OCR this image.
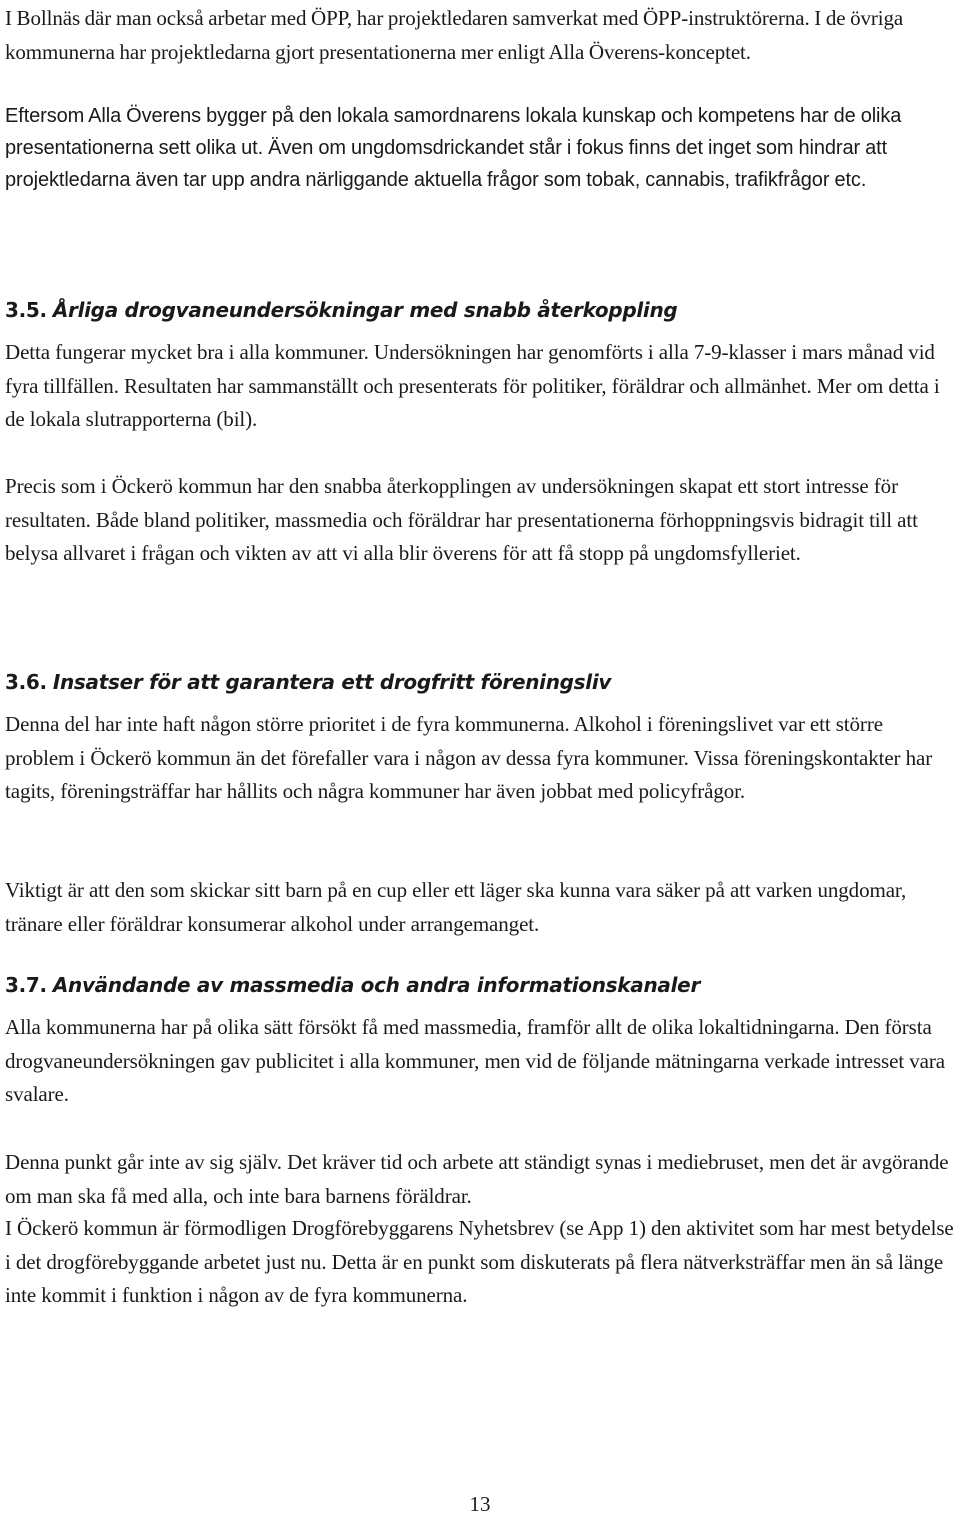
I Bollnäs där man också arbetar med ÖPP, har projektledaren samverkat med ÖPP-instruktörerna. I de övriga kommunerna har projektledarna gjort presentationerna mer enligt Alla Överens-konceptet.

Eftersom Alla Överens bygger på den lokala samordnarens lokala kunskap och kompetens har de olika presentationerna sett olika ut. Även om ungdomsdrickandet står i fokus finns det inget som hindrar att projektledarna även tar upp andra närliggande aktuella frågor som tobak, cannabis, trafikfrågor etc.

3.5. Årliga drogvaneundersökningar med snabb återkoppling

Detta fungerar mycket bra i alla kommuner. Undersökningen har genomförts i alla 7-9-klasser i mars månad vid fyra tillfällen. Resultaten har sammanställt och presenterats för politiker, föräldrar och allmänhet. Mer om detta i de lokala slutrapporterna (bil).

Precis som i Öckerö kommun har den snabba återkopplingen av undersökningen skapat ett stort intresse för resultaten. Både bland politiker, massmedia och föräldrar har presentationerna förhoppningsvis bidragit till att belysa allvaret i frågan och vikten av att vi alla blir överens för att få stopp på ungdomsfylleriet.

3.6. Insatser för att garantera ett drogfritt föreningsliv

Denna del har inte haft någon större prioritet i de fyra kommunerna. Alkohol i föreningslivet var ett större problem i Öckerö kommun än det förefaller vara i någon av dessa fyra kommuner. Vissa föreningskontakter har tagits, föreningsträffar har hållits och några kommuner har även jobbat med policyfrågor.

Viktigt är att den som skickar sitt barn på en cup eller ett läger ska kunna vara säker på att varken ungdomar, tränare eller föräldrar konsumerar alkohol under arrangemanget.

3.7. Användande av massmedia och andra informationskanaler

Alla kommunerna har på olika sätt försökt få med massmedia, framför allt de olika lokaltidningarna. Den första drogvaneundersökningen gav publicitet i alla kommuner, men vid de följande mätningarna verkade intresset vara svalare.

Denna punkt går inte av sig själv. Det kräver tid och arbete att ständigt synas i mediebruset, men det är avgörande om man ska få med alla, och inte bara barnens föräldrar.

I Öckerö kommun är förmodligen Drogförebyggarens Nyhetsbrev (se App 1) den aktivitet som har mest betydelse i det drogförebyggande arbetet just nu. Detta är en punkt som diskuterats på flera nätverksträffar men än så länge inte kommit i funktion i någon av de fyra kommunerna.

13
